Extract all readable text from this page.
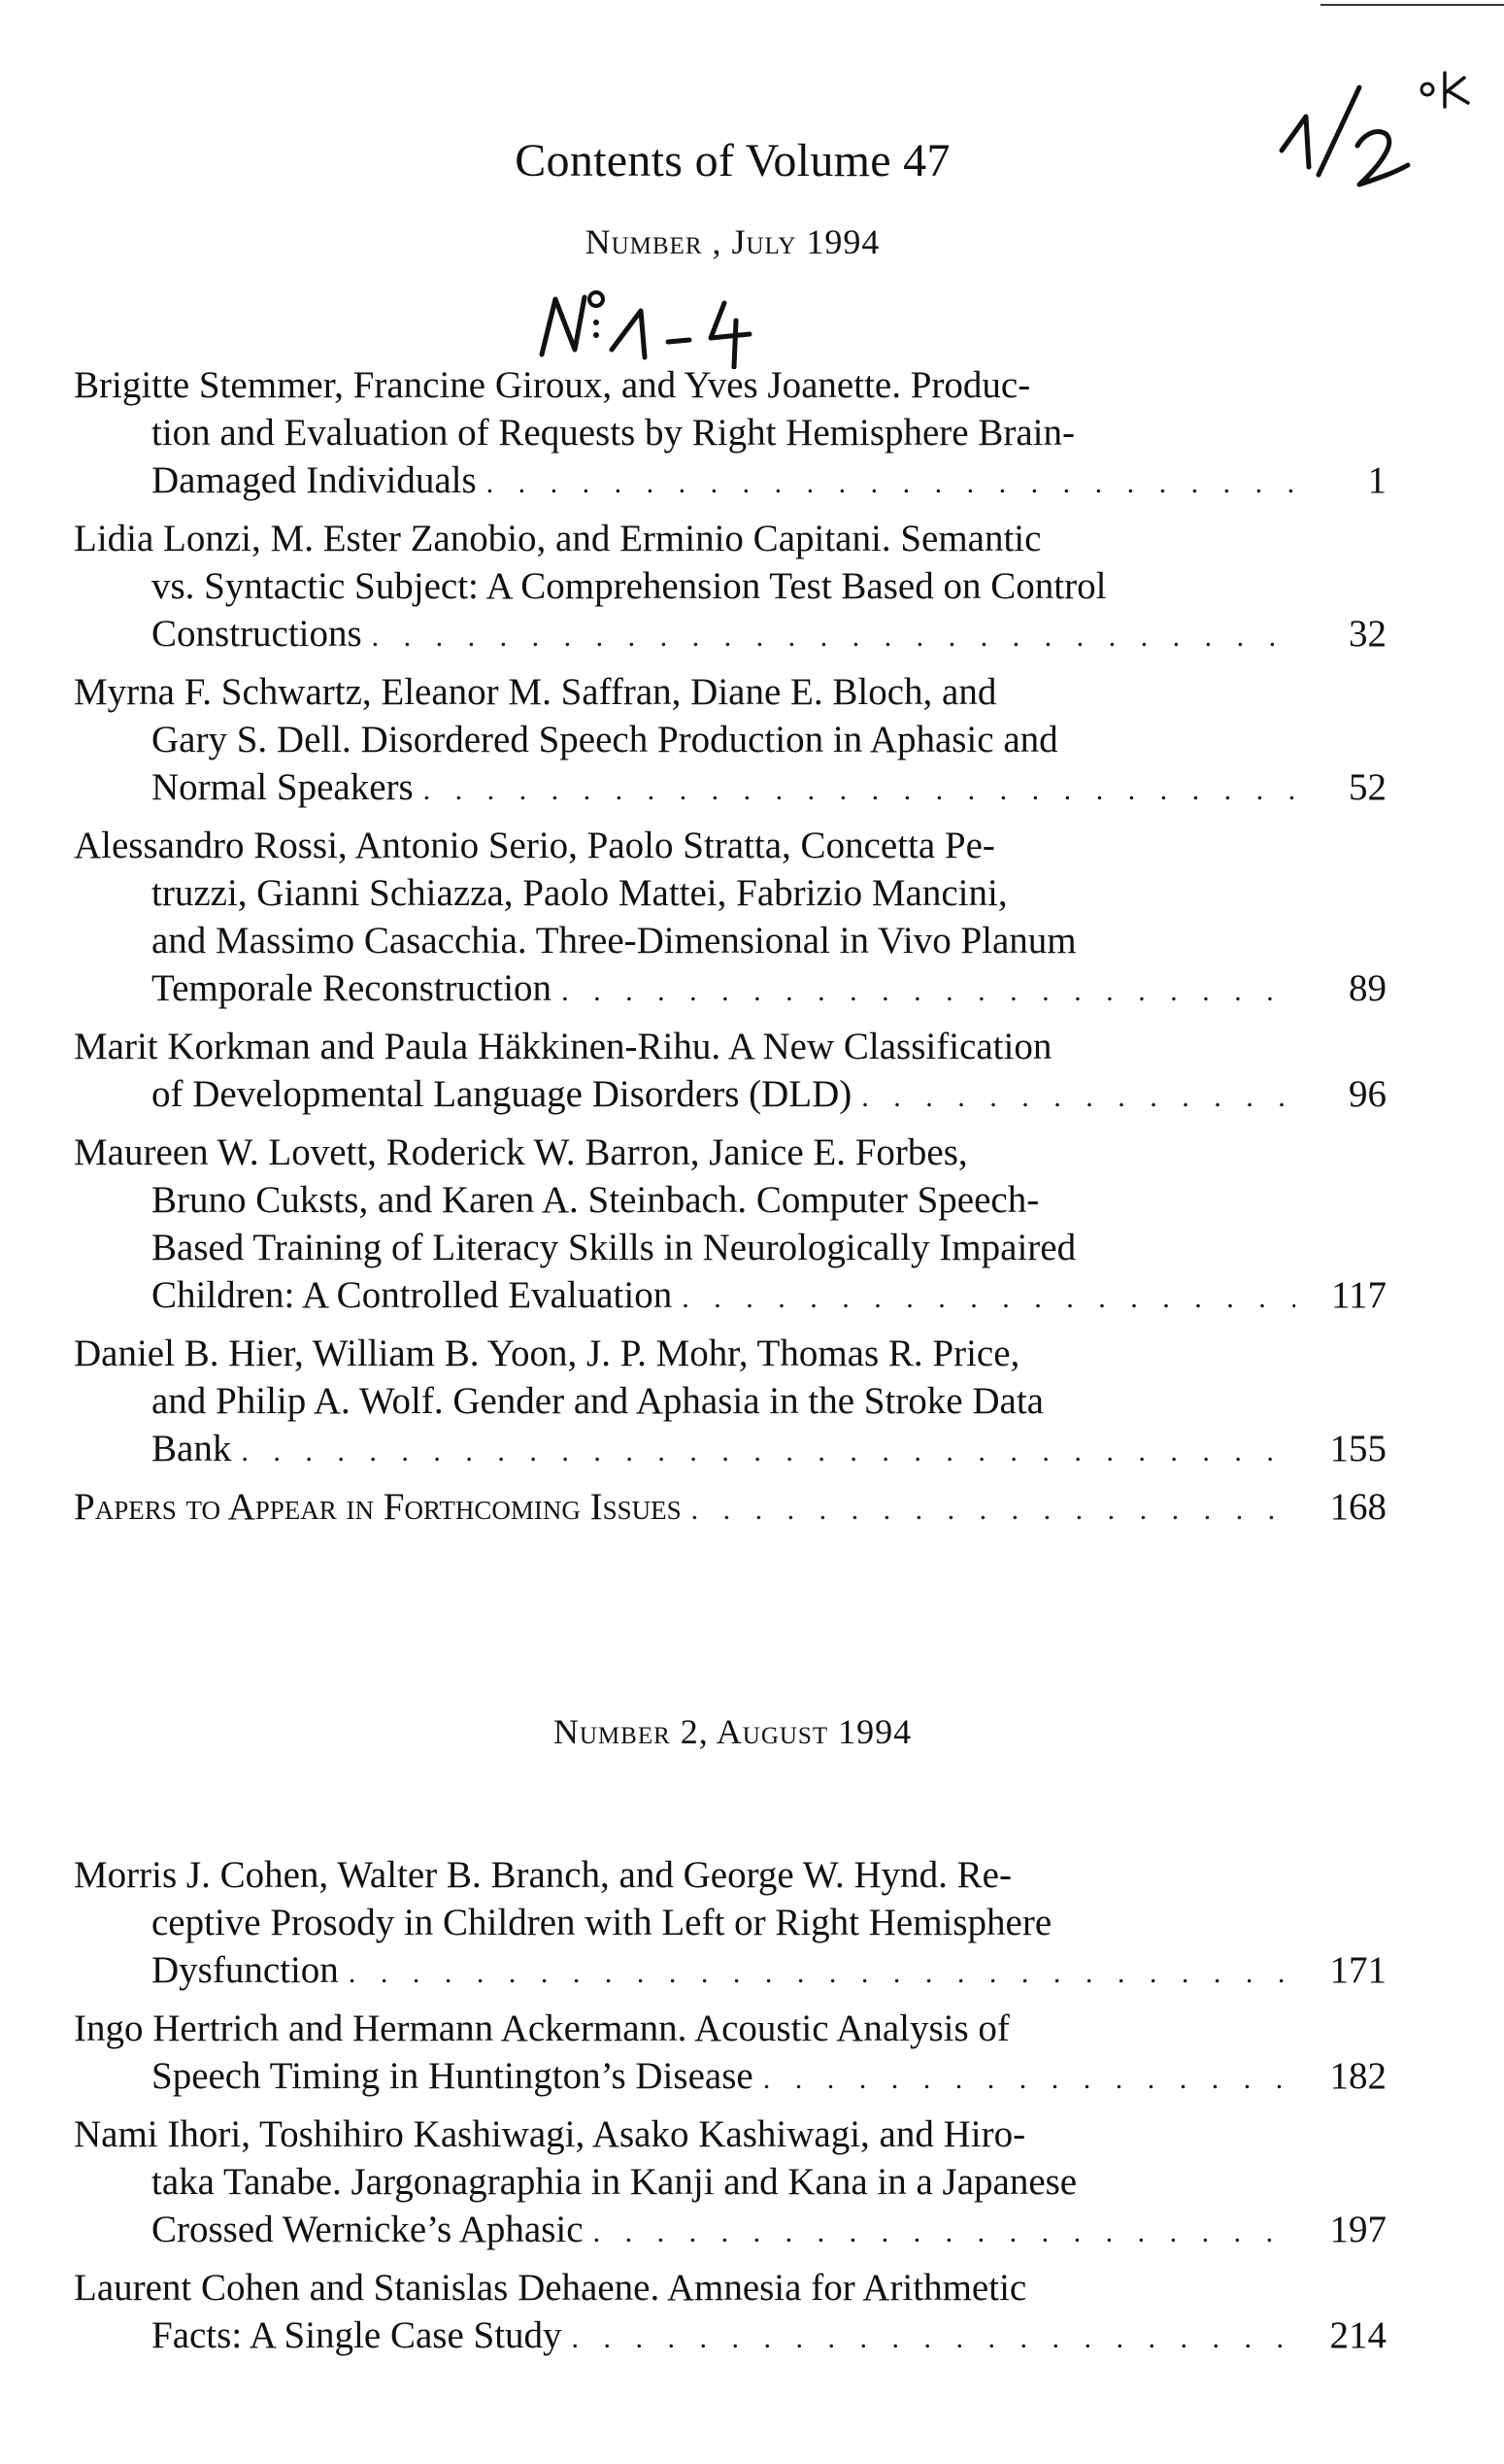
Contents of Volume 47
Number , July 1994
Brigitte Stemmer, Francine Giroux, and Yves Joanette. Produc-
tion and Evaluation of Requests by Right Hemisphere Brain-
Damaged Individuals . . .	1
Lidia Lonzi, M. Ester Zanobio, and Erminio Capitani. Semantic
vs. Syntactic Subject: A Comprehension Test Based on Control
Constructions . . .	32
Myrna F. Schwartz, Eleanor M. Saffran, Diane E. Bloch, and
Gary S. Dell. Disordered Speech Production in Aphasic and
Normal Speakers . . .	52
Alessandro Rossi, Antonio Serio, Paolo Stratta, Concetta Pe-
truzzi, Gianni Schiazza, Paolo Mattei, Fabrizio Mancini,
and Massimo Casacchia. Three-Dimensional in Vivo Planum
Temporale Reconstruction . . .	89
Marit Korkman and Paula Häkkinen-Rihu. A New Classification
of Developmental Language Disorders (DLD) . . .	96
Maureen W. Lovett, Roderick W. Barron, Janice E. Forbes,
Bruno Cuksts, and Karen A. Steinbach. Computer Speech-
Based Training of Literacy Skills in Neurologically Impaired
Children: A Controlled Evaluation . . .	117
Daniel B. Hier, William B. Yoon, J. P. Mohr, Thomas R. Price,
and Philip A. Wolf. Gender and Aphasia in the Stroke Data
Bank . . .	155
Papers to Appear in Forthcoming Issues . . .	168
Number 2, August 1994
Morris J. Cohen, Walter B. Branch, and George W. Hynd. Re-
ceptive Prosody in Children with Left or Right Hemisphere
Dysfunction . . .	171
Ingo Hertrich and Hermann Ackermann. Acoustic Analysis of
Speech Timing in Huntington’s Disease . . .	182
Nami Ihori, Toshihiro Kashiwagi, Asako Kashiwagi, and Hiro-
taka Tanabe. Jargonagraphia in Kanji and Kana in a Japanese
Crossed Wernicke’s Aphasic . . .	197
Laurent Cohen and Stanislas Dehaene. Amnesia for Arithmetic
Facts: A Single Case Study . . .	214
